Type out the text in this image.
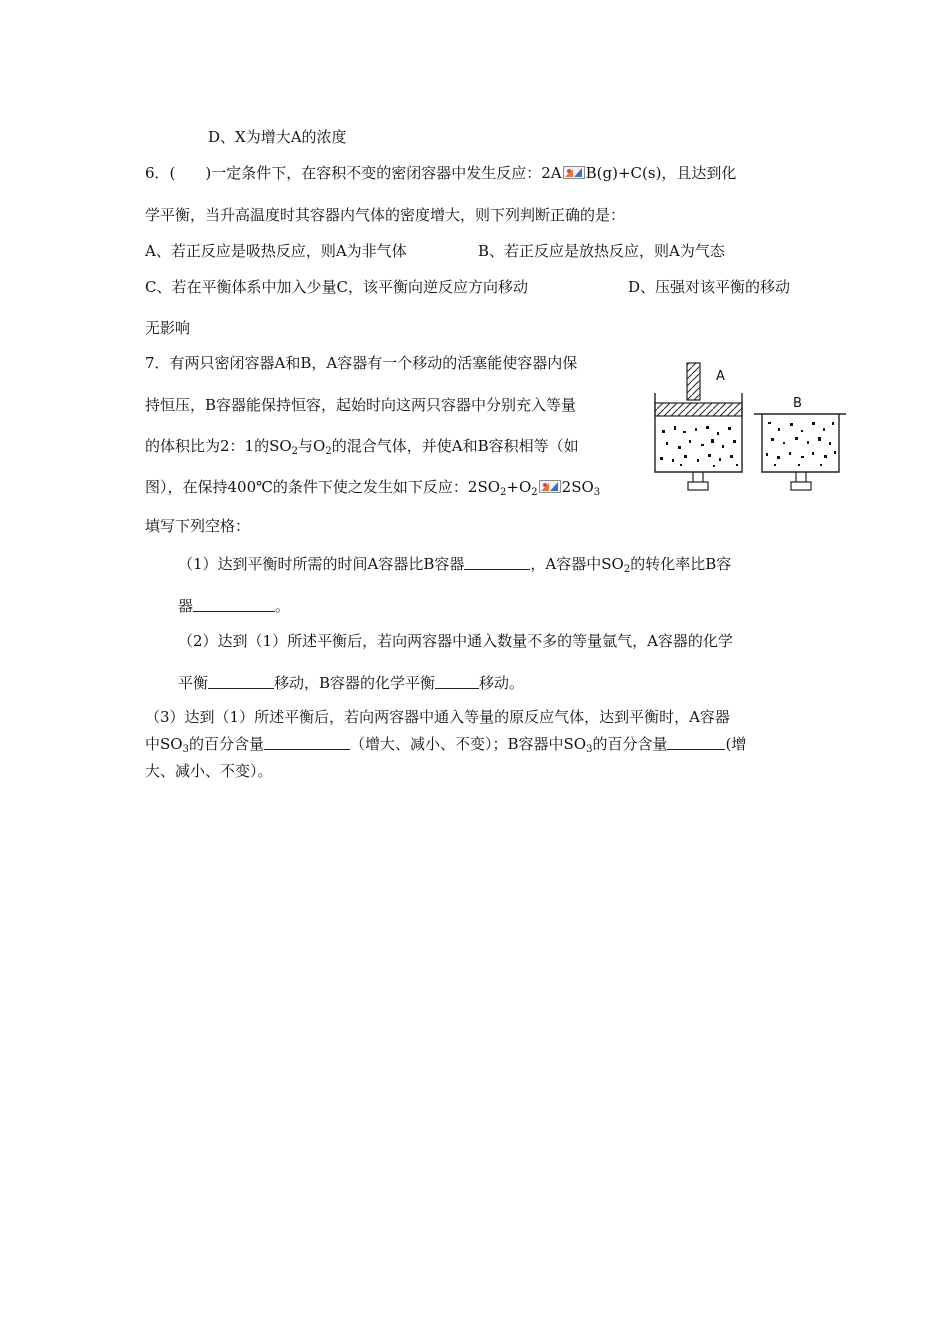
D、X为增大A的浓度
6．(　　)一定条件下，在容积不变的密闭容器中发生反应：2A B(g)+C(s)，且达到化
学平衡，当升高温度时其容器内气体的密度增大，则下列判断正确的是：
A、若正反应是吸热反应，则A为非气体	B、若正反应是放热反应，则A为气态
C、若在平衡体系中加入少量C，该平衡向逆反应方向移动	D、压强对该平衡的移动
无影响
7．有两只密闭容器A和B，A容器有一个移动的活塞能使容器内保
持恒压，B容器能保持恒容，起始时向这两只容器中分别充入等量
的体积比为2：1的$SO_2$与$O_2$的混合气体，并使A和B容积相等（如
图），在保持400℃的条件下使之发生如下反应：$2SO_2+O_2$ $2SO_3$
填写下列空格：
（1）达到平衡时所需的时间A容器比B容器	，A容器中$SO_2$的转化率比B容
器	。
（2）达到（1）所述平衡后，若向两容器中通入数量不多的等量氩气，A容器的化学
平衡	移动，B容器的化学平衡	移动。
（3）达到（1）所述平衡后，若向两容器中通入等量的原反应气体，达到平衡时，A容器
中$SO_3$的百分含量	（增大、减小、不变）；B容器中$SO_3$的百分含量	(增
大、减小、不变）。
A
B
